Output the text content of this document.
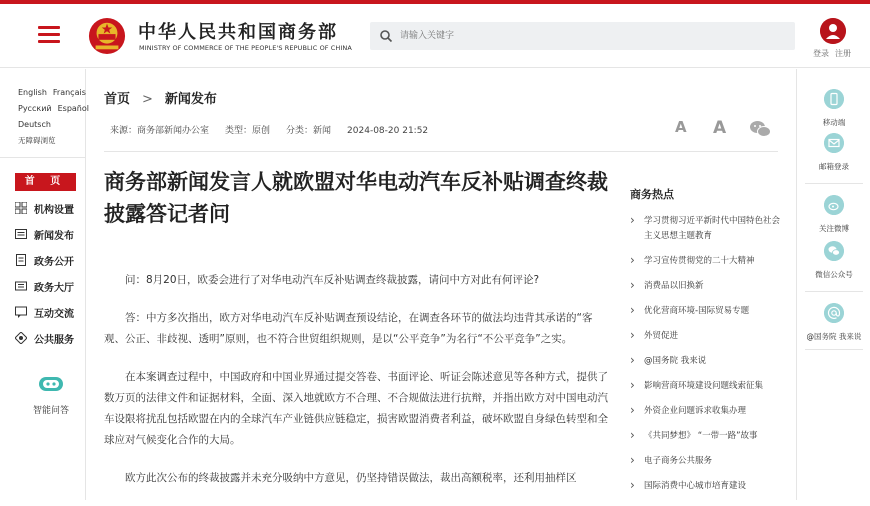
中华人民共和国商务部
MINISTRY OF COMMERCE OF THE PEOPLE'S REPUBLIC OF CHINA
请输入关键字
登录 注册
English Français
Русский Español
Deutsch
无障碍浏览
首 页
机构设置
新闻发布
政务公开
政务大厅
互动交流
公共服务
智能问答
首页 > 新闻发布
来源：商务部新闻办公室 类型：原创 分类：新闻 2024-08-20 21:52	A A
商务部新闻发言人就欧盟对华电动汽车反补贴调查终裁披露答记者问

问：8月20日，欧委会进行了对华电动汽车反补贴调查终裁披露，请问中方对此有何评论?

答：中方多次指出，欧方对华电动汽车反补贴调查预设结论，在调查各环节的做法均违背其承诺的“客观、公正、非歧视、透明”原则，也不符合世贸组织规则，是以“公平竞争”为名行“不公平竞争”之实。

在本案调查过程中，中国政府和中国业界通过提交答卷、书面评论、听证会陈述意见等各种方式，提供了数万页的法律文件和证据材料，全面、深入地就欧方不合理、不合规做法进行抗辩，并指出欧方对中国电动汽车设限将扰乱包括欧盟在内的全球汽车产业链供应链稳定，损害欧盟消费者利益，破坏欧盟自身绿色转型和全球应对气候变化合作的大局。

欧方此次公布的终裁披露并未充分吸纳中方意见，仍坚持错误做法，裁出高额税率，还利用抽样区

商务热点
› 学习贯彻习近平新时代中国特色社会主义思想主题教育
› 学习宣传贯彻党的二十大精神
› 消费品以旧换新
› 优化营商环境-国际贸易专题
› 外贸促进
› @国务院 我来说
› 影响营商环境建设问题线索征集
› 外资企业问题诉求收集办理
› 《共同梦想》 “一带一路”故事
› 电子商务公共服务
› 国际消费中心城市培育建设
移动端
邮箱登录
关注微博
微信公众号
@国务院 我来说
